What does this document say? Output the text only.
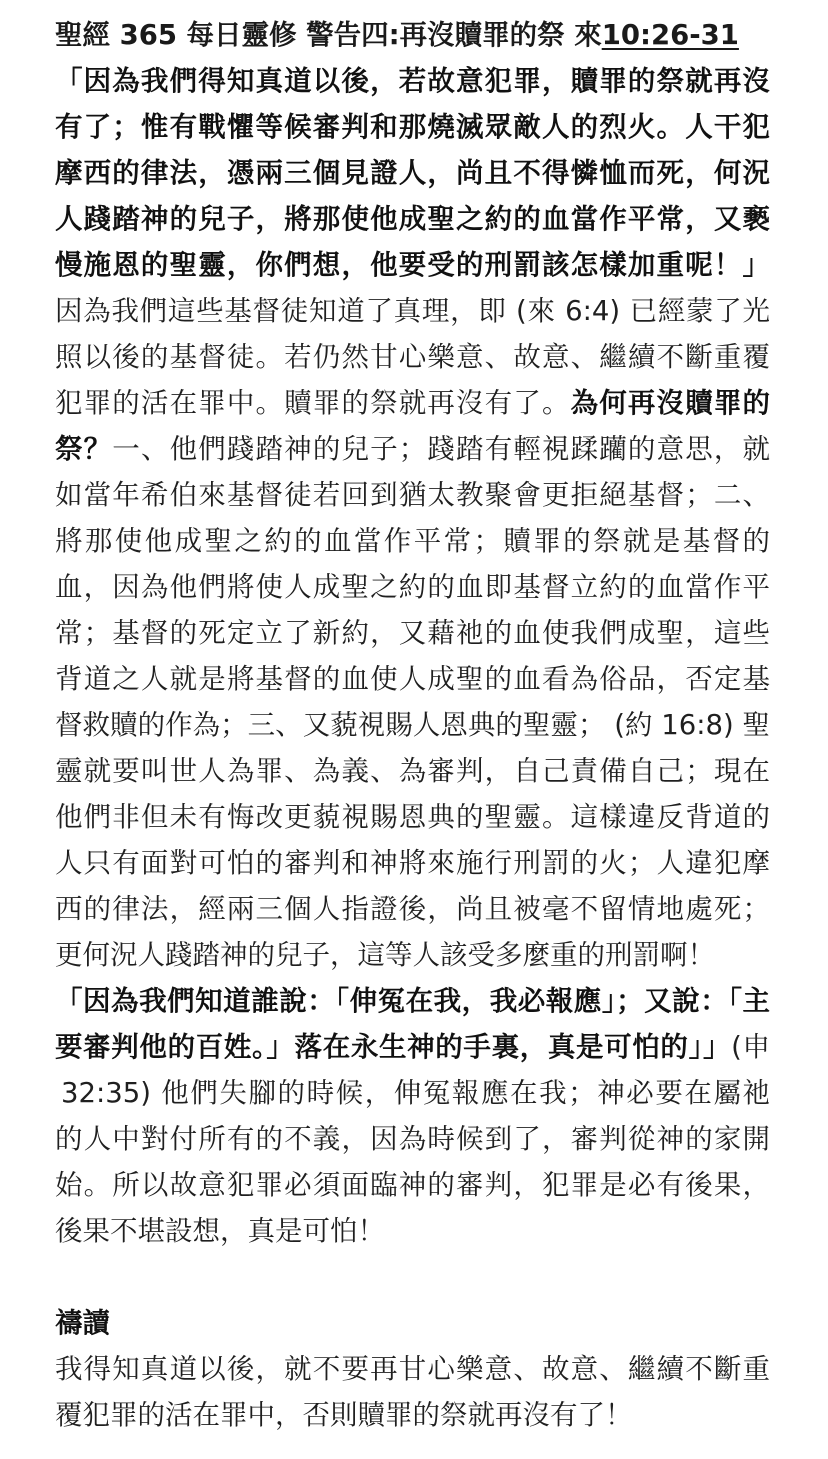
聖經 365 每日靈修 警告四:再沒贖罪的祭 來10:26-31
「因為我們得知真道以後，若故意犯罪，贖罪的祭就再沒
有了；惟有戰懼等候審判和那燒滅眾敵人的烈火。人干犯
摩西的律法，憑兩三個見證人，尚且不得憐恤而死，何況
人踐踏神的兒子，將那使他成聖之約的血當作平常，又褻
慢施恩的聖靈，你們想，他要受的刑罰該怎樣加重呢！」
因為我們這些基督徒知道了真理，即 (來 6:4) 已經蒙了光
照以後的基督徒。若仍然甘心樂意、故意、繼續不斷重覆
犯罪的活在罪中。贖罪的祭就再沒有了。為何再沒贖罪的
祭？一、他們踐踏神的兒子；踐踏有輕視蹂躪的意思，就
如當年希伯來基督徒若回到猶太教聚會更拒絕基督；二、
將那使他成聖之約的血當作平常；贖罪的祭就是基督的
血，因為他們將使人成聖之約的血即基督立約的血當作平
常；基督的死定立了新約，又藉祂的血使我們成聖，這些
背道之人就是將基督的血使人成聖的血看為俗品，否定基
督救贖的作為；三、又藐視賜人恩典的聖靈； (約 16:8) 聖
靈就要叫世人為罪、為義、為審判，自己責備自己；現在
他們非但未有悔改更藐視賜恩典的聖靈。這樣違反背道的
人只有面對可怕的審判和神將來施行刑罰的火；人違犯摩
西的律法，經兩三個人指證後，尚且被毫不留情地處死；
更何況人踐踏神的兒子，這等人該受多麼重的刑罰啊！
「因為我們知道誰說：「伸冤在我，我必報應」；又說：「主
要審判他的百姓。」落在永生神的手裏，真是可怕的」」(申
32:35) 他們失腳的時候，伸冤報應在我；神必要在屬祂
的人中對付所有的不義，因為時候到了，審判從神的家開
始。所以故意犯罪必須面臨神的審判，犯罪是必有後果，
後果不堪設想，真是可怕！
禱讀
我得知真道以後，就不要再甘心樂意、故意、繼續不斷重
覆犯罪的活在罪中，否則贖罪的祭就再沒有了！
